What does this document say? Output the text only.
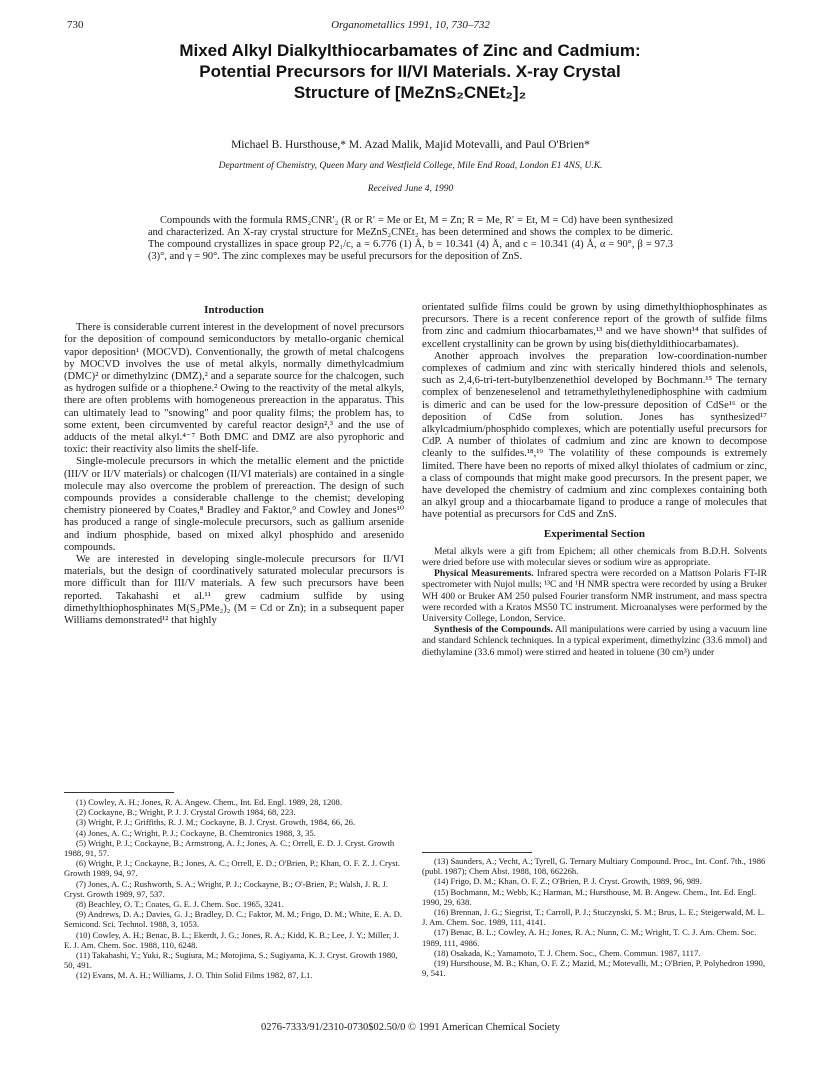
730	Organometallics 1991, 10, 730–732
Mixed Alkyl Dialkylthiocarbamates of Zinc and Cadmium:
Potential Precursors for II/VI Materials. X-ray Crystal
Structure of [MeZnS₂CNEt₂]₂
Michael B. Hursthouse,* M. Azad Malik, Majid Motevalli, and Paul O'Brien*
Department of Chemistry, Queen Mary and Westfield College, Mile End Road, London E1 4NS, U.K.
Received June 4, 1990
Compounds with the formula RMS₂CNR′₂ (R or R′ = Me or Et, M = Zn; R = Me, R′ = Et, M = Cd) have been synthesized and characterized. An X-ray crystal structure for MeZnS₂CNEt₂ has been determined and shows the complex to be dimeric. The compound crystallizes in space group P2₁/c, a = 6.776 (1) Å, b = 10.341 (4) Å, and c = 10.341 (4) Å, α = 90°, β = 97.3 (3)°, and γ = 90°. The zinc complexes may be useful precursors for the deposition of ZnS.
Introduction
There is considerable current interest in the development of novel precursors for the deposition of compound semiconductors by metallo-organic chemical vapor deposition¹ (MOCVD). Conventionally, the growth of metal chalcogens by MOCVD involves the use of metal alkyls, normally dimethylcadmium (DMC)² or dimethylzinc (DMZ),² and a separate source for the chalcogen, such as hydrogen sulfide or a thiophene.² Owing to the reactivity of the metal alkyls, there are often problems with homogeneous prereaction in the apparatus. This can ultimately lead to "snowing" and poor quality films; the problem has, to some extent, been circumvented by careful reactor design²,³ and the use of adducts of the metal alkyl.⁴⁻⁷ Both DMC and DMZ are also pyrophoric and toxic: their reactivity also limits the shelf-life.
Single-molecule precursors in which the metallic element and the pnictide (III/V or II/V materials) or chalcogen (II/VI materials) are contained in a single molecule may also overcome the problem of prereaction. The design of such compounds provides a considerable challenge to the chemist; developing chemistry pioneered by Coates,⁸ Bradley and Faktor,⁹ and Cowley and Jones¹⁰ has produced a range of single-molecule precursors, such as gallium arsenide and indium phosphide, based on mixed alkyl phosphido and aresenido compounds.
We are interested in developing single-molecule precursors for II/VI materials, but the design of coordinatively saturated molecular precursors is more difficult than for III/V materials. A few such precursors have been reported. Takahashi et al.¹¹ grew cadmium sulfide by using dimethylthiophosphinates M(S₂PMe₂)₂ (M = Cd or Zn); in a subsequent paper Williams demonstrated¹² that highly
orientated sulfide films could be grown by using dimethylthiophosphinates as precursors. There is a recent conference report of the growth of sulfide films from zinc and cadmium thiocarbamates,¹³ and we have shown¹⁴ that sulfides of excellent crystallinity can be grown by using bis(diethyldithiocarbamates).
Another approach involves the preparation low-coordination-number complexes of cadmium and zinc with sterically hindered thiols and selenols, such as 2,4,6-tri-tert-butylbenzenethiol developed by Bochmann.¹⁵ The ternary complex of benzeneselenol and tetramethylethylenediphosphine with cadmium is dimeric and can be used for the low-pressure deposition of CdSe¹⁶ or the deposition of CdSe from solution. Jones has synthesized¹⁷ alkylcadmium/phosphido complexes, which are potentially useful precursors for CdP. A number of thiolates of cadmium and zinc are known to decompose cleanly to the sulfides.¹⁸,¹⁹ The volatility of these compounds is extremely limited. There have been no reports of mixed alkyl thiolates of cadmium or zinc, a class of compounds that might make good precursors. In the present paper, we have developed the chemistry of cadmium and zinc complexes containing both an alkyl group and a thiocarbamate ligand to produce a range of molecules that have potential as precursors for CdS and ZnS.
Experimental Section
Metal alkyls were a gift from Epichem; all other chemicals from B.D.H. Solvents were dried before use with molecular sieves or sodium wire as appropriate.
Physical Measurements. Infrared spectra were recorded on a Mattson Polaris FT-IR spectrometer with Nujol mulls; ¹³C and ¹H NMR spectra were recorded by using a Bruker WH 400 or Bruker AM 250 pulsed Fourier transform NMR instrument, and mass spectra were recorded with a Kratos MS50 TC instrument. Microanalyses were performed by the University College, London, Service.
Synthesis of the Compounds. All manipulations were carried by using a vacuum line and standard Schlenck techniques. In a typical experiment, dimethylzinc (33.6 mmol) and diethylamine (33.6 mmol) were stirred and heated in toluene (30 cm³) under
(1) Cowley, A. H.; Jones, R. A. Angew. Chem., Int. Ed. Engl. 1989, 28, 1208.
(2) Cockayne, B.; Wright, P. J. J. Crystal Growth 1984, 68, 223.
(3) Wright, P. J.; Griffiths, R. J. M.; Cockayne, B. J. Cryst. Growth, 1984, 66, 26.
(4) Jones, A. C.; Wright, P. J.; Cockayne, B. Chemtronics 1988, 3, 35.
(5) Wright, P. J.; Cockayne, B.; Armstrong, A. J.; Jones, A. C.; Orrell, E. D. J. Cryst. Growth 1988, 91, 57.
(6) Wright, P. J.; Cockayne, B.; Jones, A. C.; Orrell, E. D.; O'Brien, P.; Khan, O. F. Z. J. Cryst. Growth 1989, 94, 97.
(7) Jones, A. C.; Rushworth, S. A.; Wright, P. J.; Cockayne, B.; O'-Brien, P.; Walsh, J. R. J. Cryst. Growth 1989, 97, 537.
(8) Beachley, O. T.; Coates, G. E. J. Chem. Soc. 1965, 3241.
(9) Andrews, D. A.; Davies, G. J.; Bradley, D. C.; Faktor, M. M.; Frigo, D. M.; White, E. A. D. Semicond. Sci. Technol. 1988, 3, 1053.
(10) Cowley, A. H.; Benac, B. L.; Ekerdt, J. G.; Jones, R. A.; Kidd, K. B.; Lee, J. Y.; Miller, J. E. J. Am. Chem. Soc. 1988, 110, 6248.
(11) Takahashi, Y.; Yuki, R.; Sugiura, M.; Motojima, S.; Sugiyama, K. J. Cryst. Growth 1980, 50, 491.
(12) Evans, M. A. H.; Williams, J. O. Thin Solid Films 1982, 87, L1.
(13) Saunders, A.; Vecht, A.; Tyrell, G. Ternary Multiary Compound. Proc., Int. Conf. 7th., 1986 (publ. 1987); Chem Abst. 1988, 108, 66226h.
(14) Frigo, D. M.; Khan, O. F. Z.; O'Brien, P. J. Cryst. Growth, 1989, 96, 989.
(15) Bochmann, M.; Webb, K.; Harman, M.; Hursthouse, M. B. Angew. Chem., Int. Ed. Engl. 1990, 29, 638.
(16) Brennan, J. G.; Siegrist, T.; Carroll, P. J.; Stuczynski, S. M.; Brus, L. E.; Steigerwald, M. L. J. Am. Chem. Soc. 1989, 111, 4141.
(17) Benac, B. L.; Cowley, A. H.; Jones, R. A.; Nunn, C. M.; Wright, T. C. J. Am. Chem. Soc. 1989, 111, 4986.
(18) Osakada, K.; Yamamoto, T. J. Chem. Soc., Chem. Commun. 1987, 1117.
(19) Hursthouse, M. B.; Khan, O. F. Z.; Mazid, M.; Motevalli, M.; O'Brien, P. Polyhedron 1990, 9, 541.
0276-7333/91/2310-0730$02.50/0 © 1991 American Chemical Society
